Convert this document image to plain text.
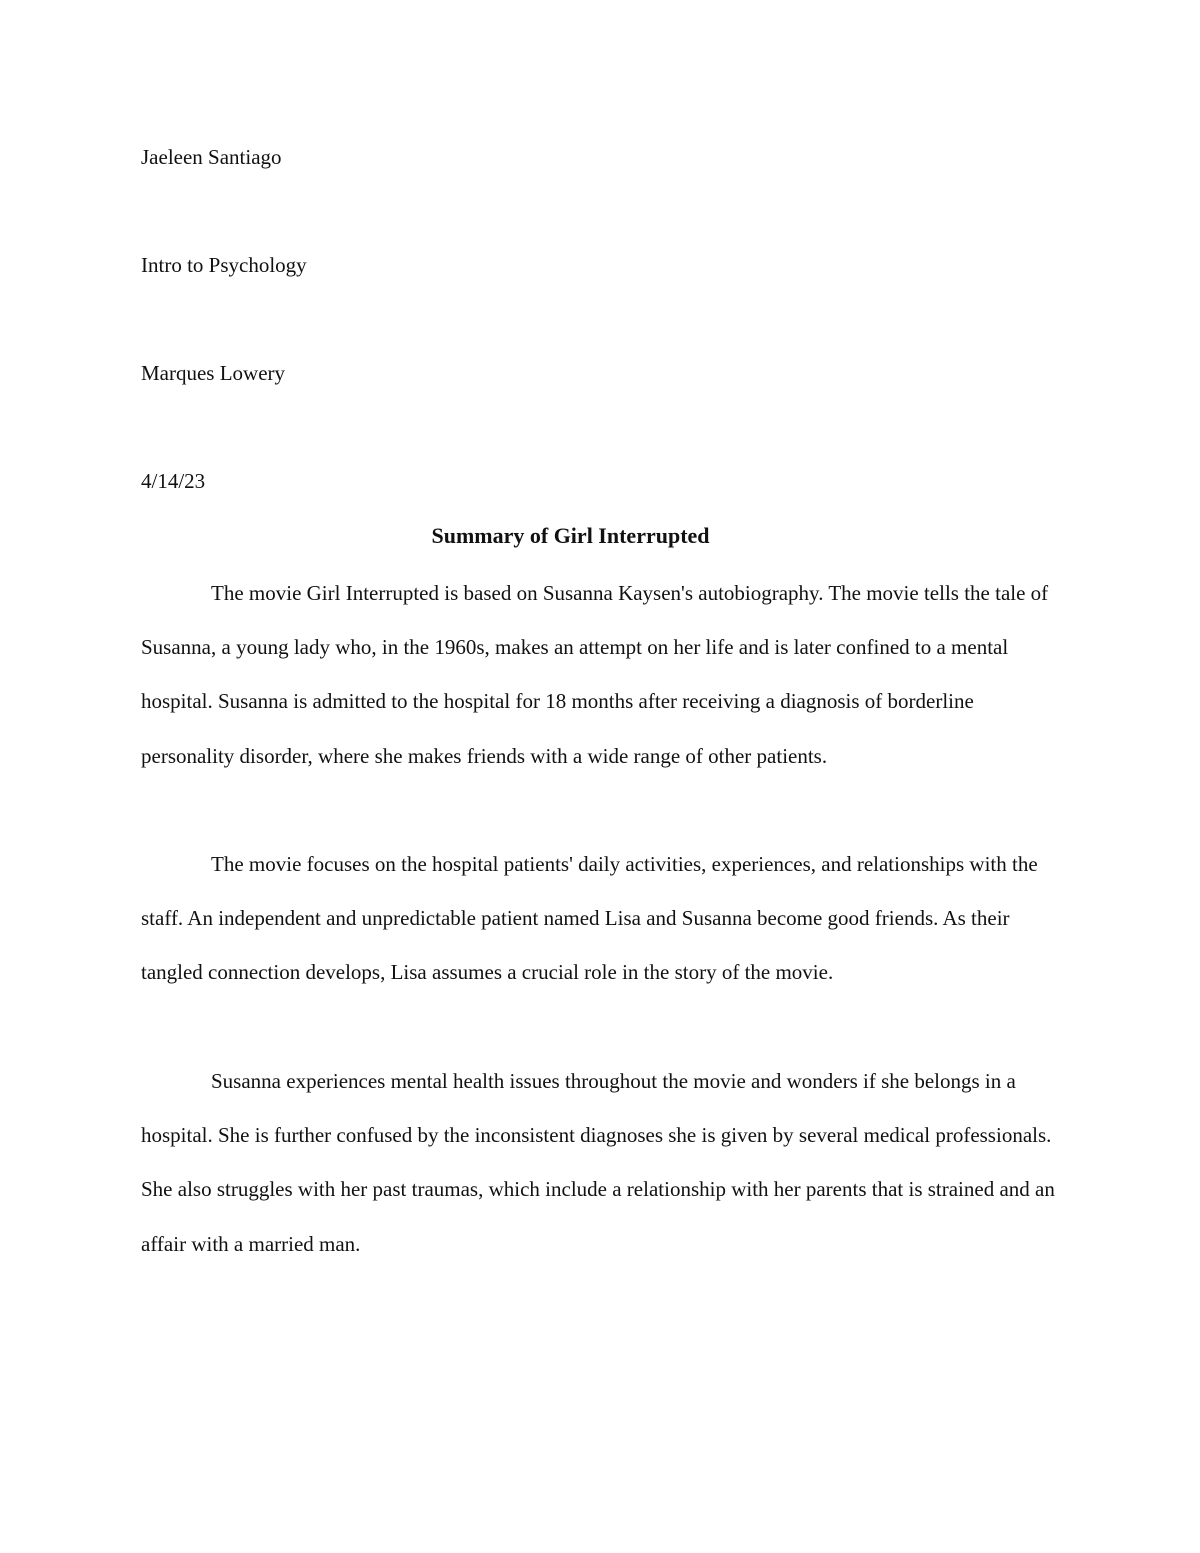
Jaeleen Santiago
Intro to Psychology
Marques Lowery
4/14/23
Summary of Girl Interrupted

The movie Girl Interrupted is based on Susanna Kaysen's autobiography. The movie tells the tale of Susanna, a young lady who, in the 1960s, makes an attempt on her life and is later confined to a mental hospital. Susanna is admitted to the hospital for 18 months after receiving a diagnosis of borderline personality disorder, where she makes friends with a wide range of other patients.

The movie focuses on the hospital patients' daily activities, experiences, and relationships with the staff. An independent and unpredictable patient named Lisa and Susanna become good friends. As their tangled connection develops, Lisa assumes a crucial role in the story of the movie.

Susanna experiences mental health issues throughout the movie and wonders if she belongs in a hospital. She is further confused by the inconsistent diagnoses she is given by several medical professionals. She also struggles with her past traumas, which include a relationship with her parents that is strained and an affair with a married man.
